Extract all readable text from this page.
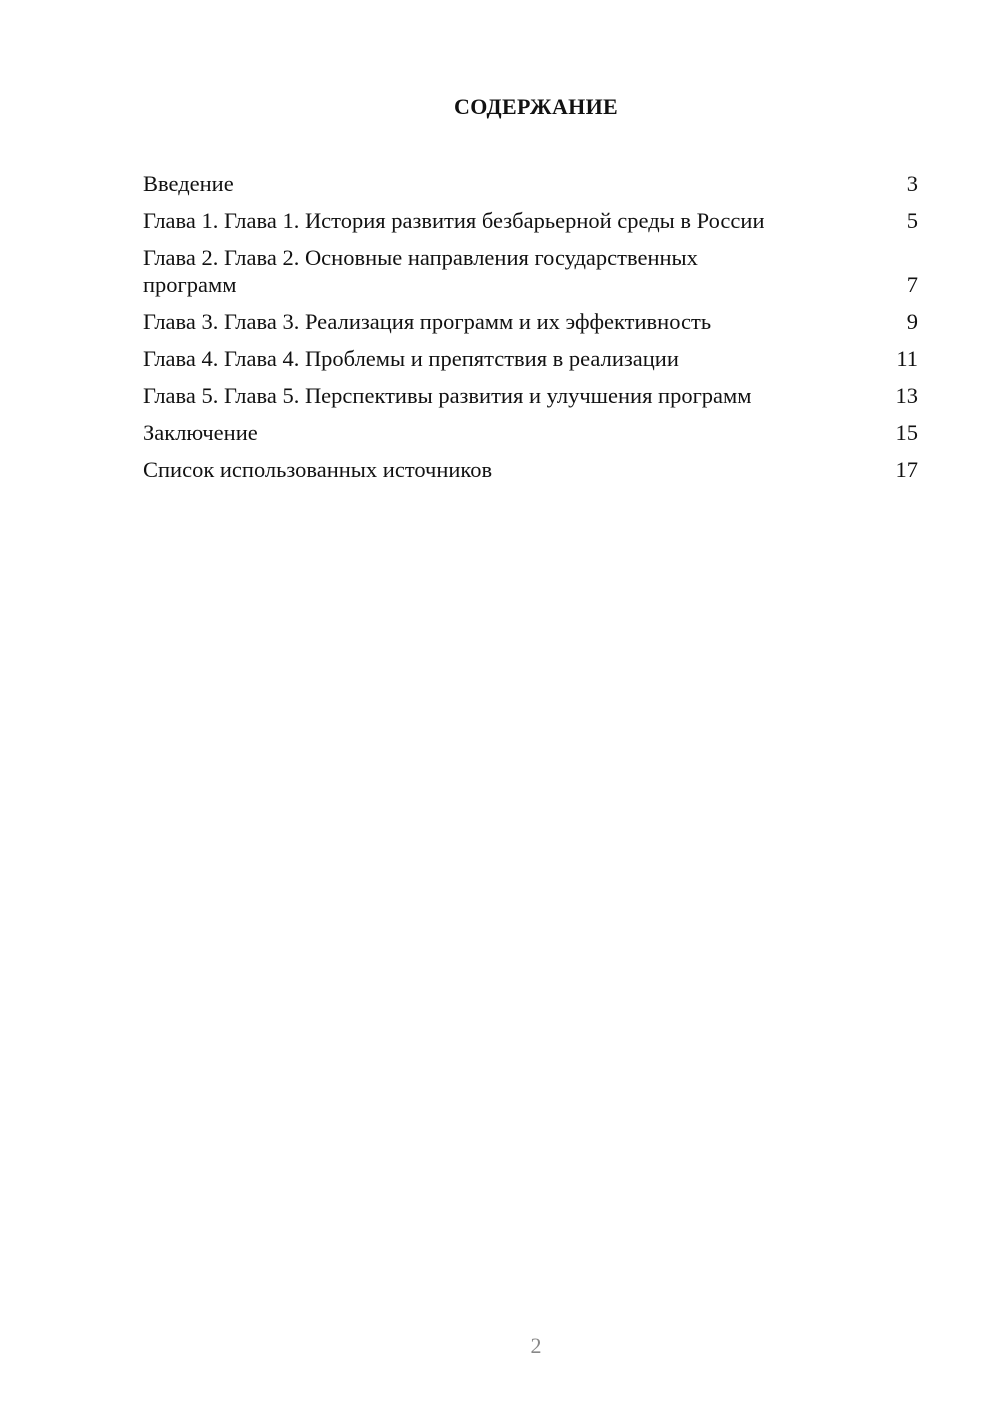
СОДЕРЖАНИЕ
Введение	3
Глава 1. Глава 1. История развития безбарьерной среды в России	5
Глава 2. Глава 2. Основные направления государственных программ	7
Глава 3. Глава 3. Реализация программ и их эффективность	9
Глава 4. Глава 4. Проблемы и препятствия в реализации	11
Глава 5. Глава 5. Перспективы развития и улучшения программ	13
Заключение	15
Список использованных источников	17
2
